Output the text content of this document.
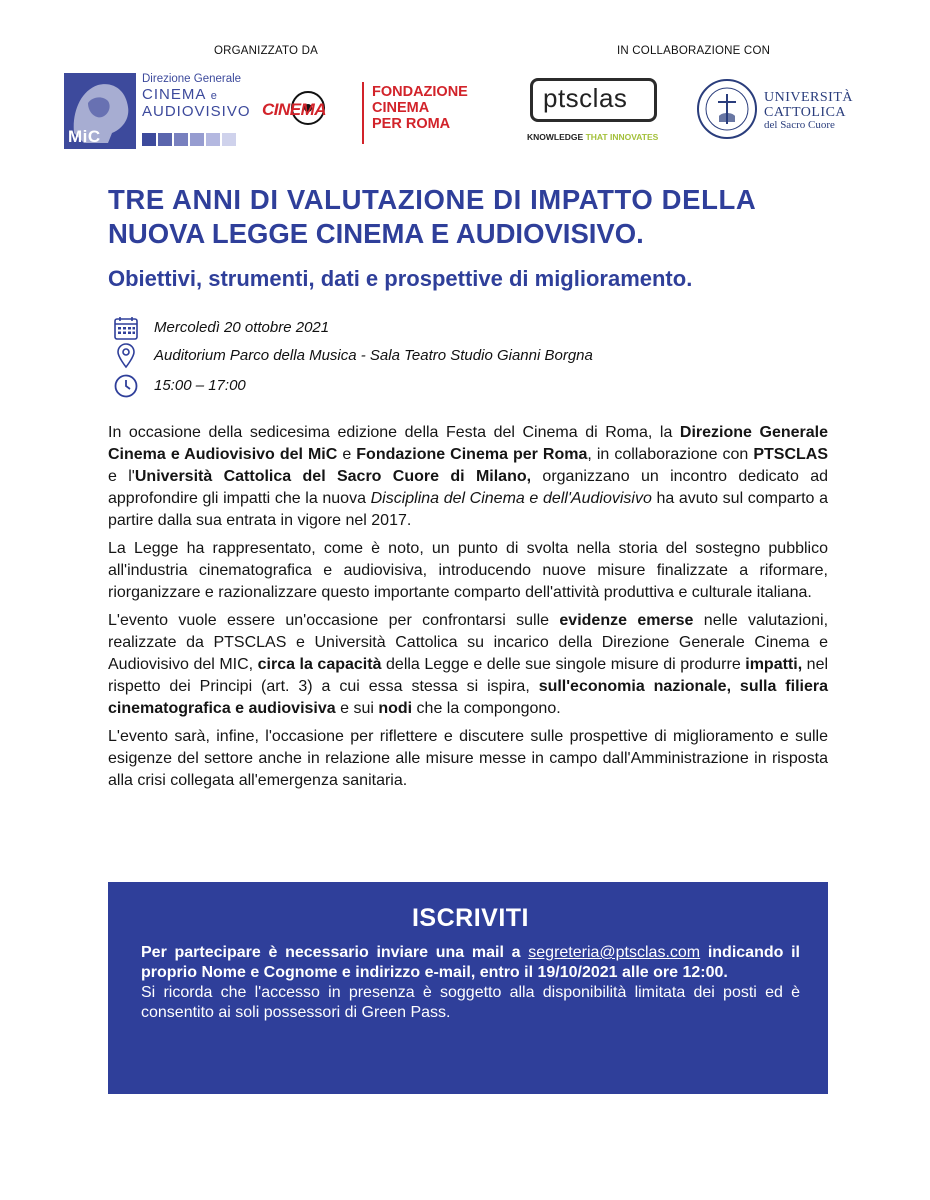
ORGANIZZATO DA	IN COLLABORAZIONE CON
MiC
Direzione Generale
CINEMA e
AUDIOVISIVO CINEMA
FONDAZIONE
CINEMA
PER ROMA
ptsclas
KNOWLEDGE THAT INNOVATES
UNIVERSITÀ
CATTOLICA
del Sacro Cuore
TRE ANNI DI VALUTAZIONE DI IMPATTO DELLA
NUOVA LEGGE CINEMA E AUDIOVISIVO.
Obiettivi, strumenti, dati e prospettive di miglioramento.
Mercoledì 20 ottobre 2021
Auditorium Parco della Musica - Sala Teatro Studio Gianni Borgna
15:00 – 17:00

In occasione della sedicesima edizione della Festa del Cinema di Roma, la Direzione Generale Cinema e Audiovisivo del MiC e Fondazione Cinema per Roma, in collaborazione con PTSCLAS e l'Università Cattolica del Sacro Cuore di Milano, organizzano un incontro dedicato ad approfondire gli impatti che la nuova Disciplina del Cinema e dell'Audiovisivo ha avuto sul comparto a partire dalla sua entrata in vigore nel 2017.

La Legge ha rappresentato, come è noto, un punto di svolta nella storia del sostegno pubblico all'industria cinematografica e audiovisiva, introducendo nuove misure finalizzate a riformare, riorganizzare e razionalizzare questo importante comparto dell'attività produttiva e culturale italiana.

L'evento vuole essere un'occasione per confrontarsi sulle evidenze emerse nelle valutazioni, realizzate da PTSCLAS e Università Cattolica su incarico della Direzione Generale Cinema e Audiovisivo del MIC, circa la capacità della Legge e delle sue singole misure di produrre impatti, nel rispetto dei Principi (art. 3) a cui essa stessa si ispira, sull'economia nazionale, sulla filiera cinematografica e audiovisiva e sui nodi che la compongono.

L'evento sarà, infine, l'occasione per riflettere e discutere sulle prospettive di miglioramento e sulle esigenze del settore anche in relazione alle misure messe in campo dall'Amministrazione in risposta alla crisi collegata all'emergenza sanitaria.

ISCRIVITI
Per partecipare è necessario inviare una mail a segreteria@ptsclas.com indicando il proprio Nome e Cognome e indirizzo e-mail, entro il 19/10/2021 alle ore 12:00.
Si ricorda che l'accesso in presenza è soggetto alla disponibilità limitata dei posti ed è consentito ai soli possessori di Green Pass.
